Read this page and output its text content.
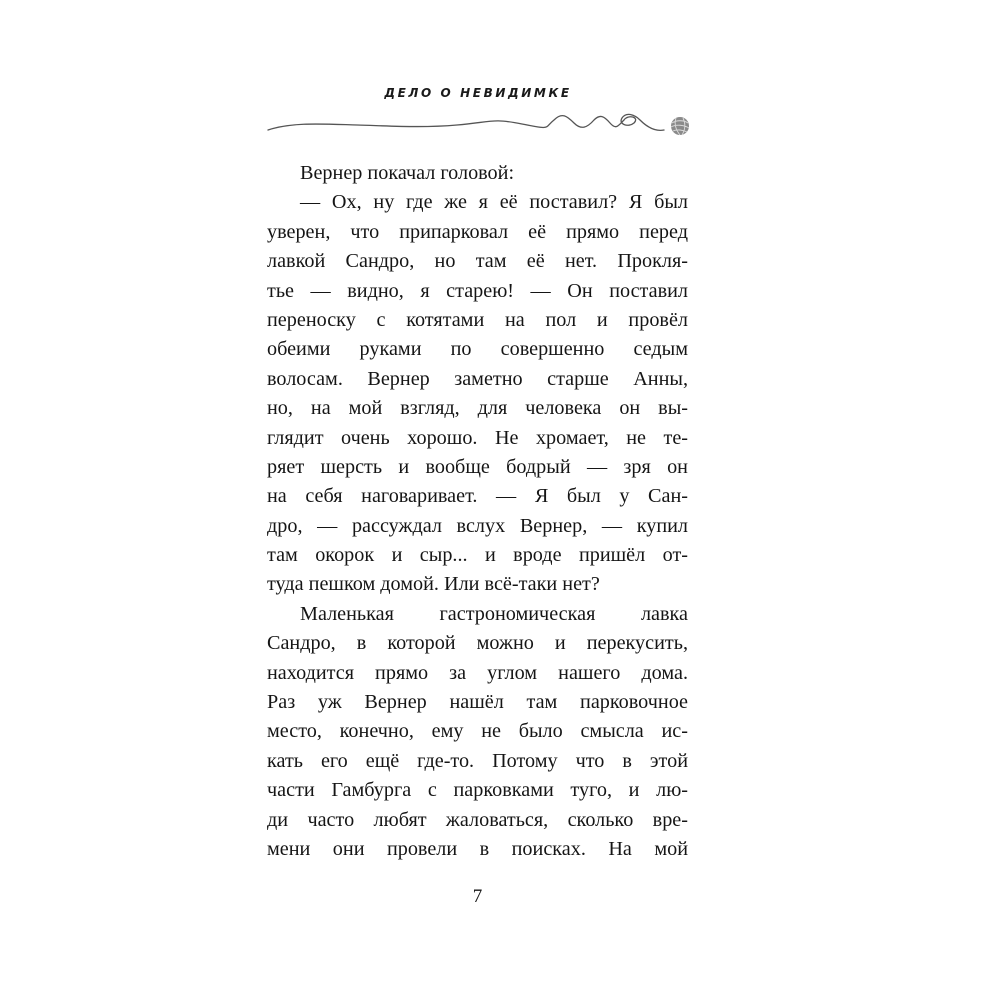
ДЕЛО О НЕВИДИМКЕ
Вернер покачал головой:
— Ох, ну где же я её поставил? Я был
уверен, что припарковал её прямо перед
лавкой Сандро, но там её нет. Прокля-
тье — видно, я старею! — Он поставил
переноску с котятами на пол и провёл
обеими руками по совершенно седым
волосам. Вернер заметно старше Анны,
но, на мой взгляд, для человека он вы-
глядит очень хорошо. Не хромает, не те-
ряет шерсть и вообще бодрый — зря он
на себя наговаривает. — Я был у Сан-
дро, — рассуждал вслух Вернер, — купил
там окорок и сыр... и вроде пришёл от-
туда пешком домой. Или всё-таки нет?
Маленькая гастрономическая лавка
Сандро, в которой можно и перекусить,
находится прямо за углом нашего дома.
Раз уж Вернер нашёл там парковочное
место, конечно, ему не было смысла ис-
кать его ещё где-то. Потому что в этой
части Гамбурга с парковками туго, и лю-
ди часто любят жаловаться, сколько вре-
мени они провели в поисках. На мой
7
